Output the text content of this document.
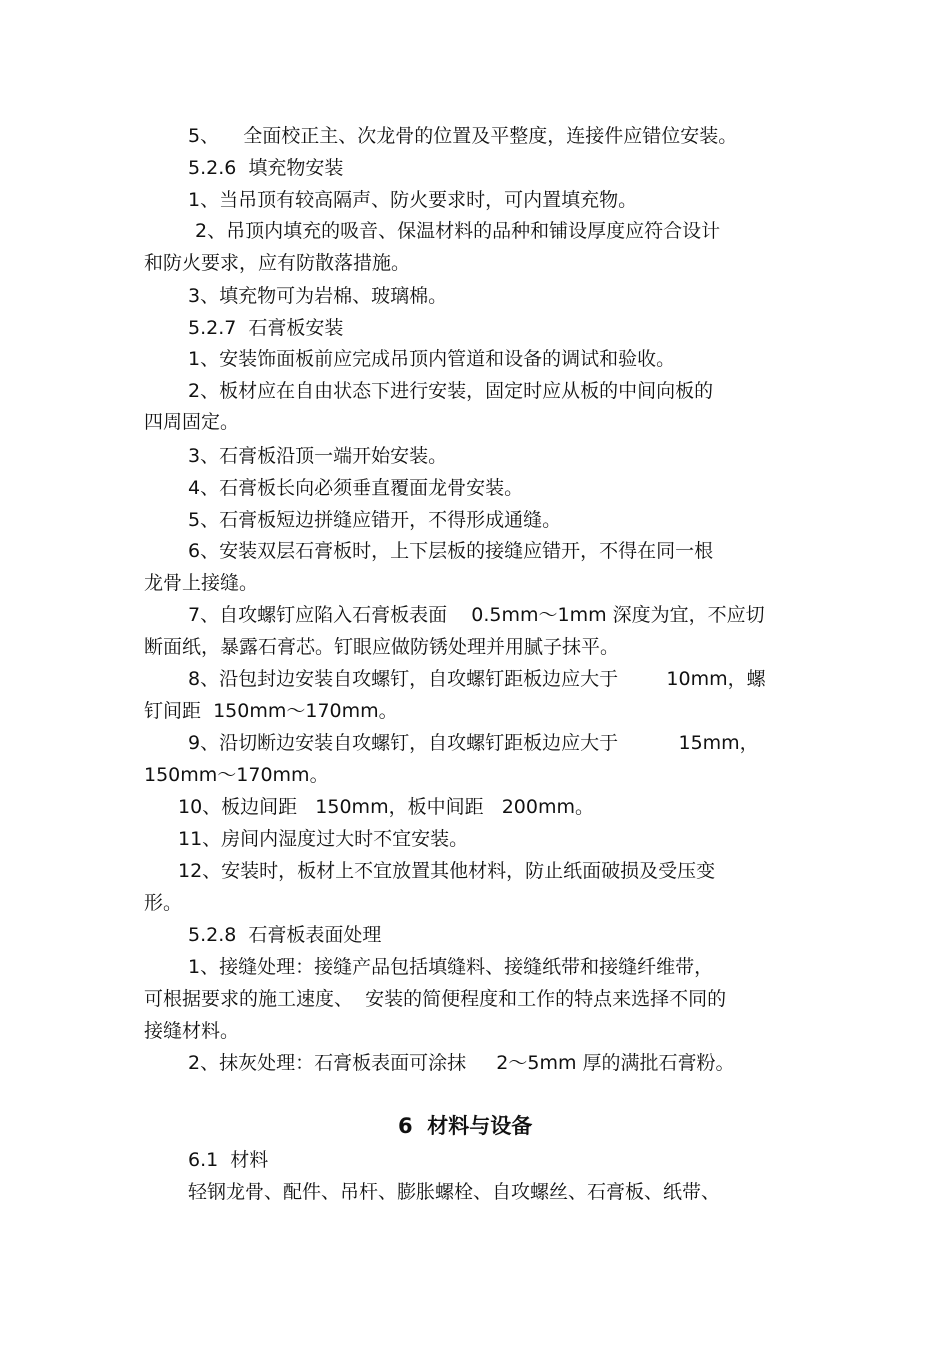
5、    全面校正主、次龙骨的位置及平整度，连接件应错位安装。
5.2.6  填充物安装
1、当吊顶有较高隔声、防火要求时，可内置填充物。
2、吊顶内填充的吸音、保温材料的品种和铺设厚度应符合设计
和防火要求，应有防散落措施。
3、填充物可为岩棉、玻璃棉。
5.2.7  石膏板安装
1、安装饰面板前应完成吊顶内管道和设备的调试和验收。
2、板材应在自由状态下进行安装，固定时应从板的中间向板的
四周固定。
3、石膏板沿顶一端开始安装。
4、石膏板长向必须垂直覆面龙骨安装。
5、石膏板短边拼缝应错开，不得形成通缝。
6、安装双层石膏板时，上下层板的接缝应错开，不得在同一根
龙骨上接缝。
7、自攻螺钉应陷入石膏板表面    0.5mm～1mm 深度为宜，不应切
断面纸，暴露石膏芯。钉眼应做防锈处理并用腻子抹平。
8、沿包封边安装自攻螺钉，自攻螺钉距板边应大于        10mm，螺
钉间距  150mm～170mm。
9、沿切断边安装自攻螺钉，自攻螺钉距板边应大于          15mm，
150mm～170mm。
10、板边间距   150mm，板中间距   200mm。
11、房间内湿度过大时不宜安装。
12、安装时，板材上不宜放置其他材料，防止纸面破损及受压变
形。
5.2.8  石膏板表面处理
1、接缝处理：接缝产品包括填缝料、接缝纸带和接缝纤维带，
可根据要求的施工速度、  安装的简便程度和工作的特点来选择不同的
接缝材料。
2、抹灰处理：石膏板表面可涂抹     2～5mm 厚的满批石膏粉。
6  材料与设备
6.1  材料
轻钢龙骨、配件、吊杆、膨胀螺栓、自攻螺丝、石膏板、纸带、
